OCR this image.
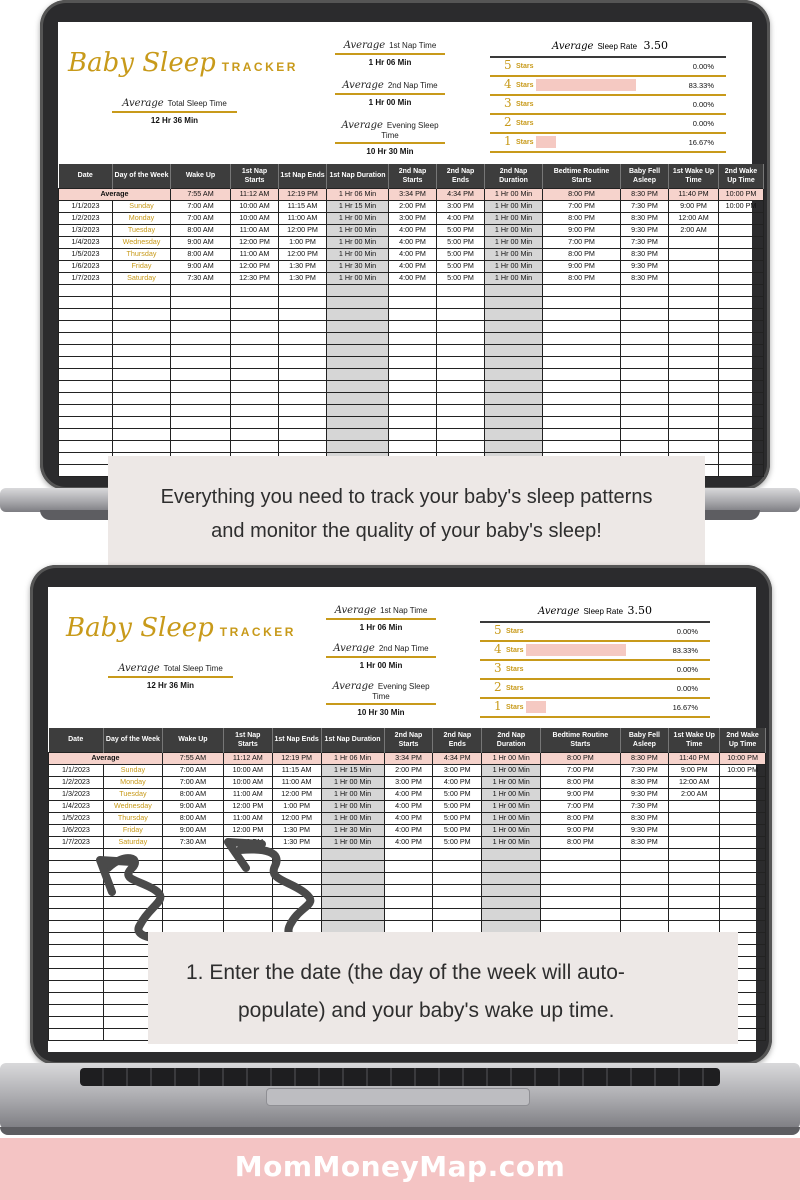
Baby Sleep TRACKER
Average Total Sleep Time
12 Hr 36 Min
Average 1st Nap Time
1 Hr 06 Min
Average 2nd Nap Time
1 Hr 00 Min
Average Evening Sleep Time
10 Hr 30 Min
Average Sleep Rate 3.50
5 Stars	0.00%
4 Stars	83.33%
3 Stars	0.00%
2 Stars	0.00%
1 Stars	16.67%
Date	Day of the Week	Wake Up	1st Nap Starts	1st Nap Ends	1st Nap Duration	2nd Nap Starts	2nd Nap Ends	2nd Nap Duration	Bedtime Routine Starts	Baby Fell Asleep	1st Wake Up Time	2nd Wake Up Time
Average		7:55 AM	11:12 AM	12:19 PM	1 Hr 06 Min	3:34 PM	4:34 PM	1 Hr 00 Min	8:00 PM	8:30 PM	11:40 PM	10:00 PM
1/1/2023	Sunday	7:00 AM	10:00 AM	11:15 AM	1 Hr 15 Min	2:00 PM	3:00 PM	1 Hr 00 Min	7:00 PM	7:30 PM	9:00 PM	10:00 PM
1/2/2023	Monday	7:00 AM	10:00 AM	11:00 AM	1 Hr 00 Min	3:00 PM	4:00 PM	1 Hr 00 Min	8:00 PM	8:30 PM	12:00 AM	
1/3/2023	Tuesday	8:00 AM	11:00 AM	12:00 PM	1 Hr 00 Min	4:00 PM	5:00 PM	1 Hr 00 Min	9:00 PM	9:30 PM	2:00 AM	
1/4/2023	Wednesday	9:00 AM	12:00 PM	1:00 PM	1 Hr 00 Min	4:00 PM	5:00 PM	1 Hr 00 Min	7:00 PM	7:30 PM		
1/5/2023	Thursday	8:00 AM	11:00 AM	12:00 PM	1 Hr 00 Min	4:00 PM	5:00 PM	1 Hr 00 Min	8:00 PM	8:30 PM		
1/6/2023	Friday	9:00 AM	12:00 PM	1:30 PM	1 Hr 30 Min	4:00 PM	5:00 PM	1 Hr 00 Min	9:00 PM	9:30 PM		
1/7/2023	Saturday	7:30 AM	12:30 PM	1:30 PM	1 Hr 00 Min	4:00 PM	5:00 PM	1 Hr 00 Min	8:00 PM	8:30 PM		

Everything you need to track your baby's sleep patterns and monitor the quality of your baby's sleep!
Baby Sleep TRACKER
Average Total Sleep Time
12 Hr 36 Min
Average 1st Nap Time
1 Hr 06 Min
Average 2nd Nap Time
1 Hr 00 Min
Average Evening Sleep Time
10 Hr 30 Min
Average Sleep Rate 3.50
5 Stars	0.00%
4 Stars	83.33%
3 Stars	0.00%
2 Stars	0.00%
1 Stars	16.67%
Date	Day of the Week	Wake Up	1st Nap Starts	1st Nap Ends	1st Nap Duration	2nd Nap Starts	2nd Nap Ends	2nd Nap Duration	Bedtime Routine Starts	Baby Fell Asleep	1st Wake Up Time	2nd Wake Up Time
Average		7:55 AM	11:12 AM	12:19 PM	1 Hr 06 Min	3:34 PM	4:34 PM	1 Hr 00 Min	8:00 PM	8:30 PM	11:40 PM	10:00 PM
1/1/2023	Sunday	7:00 AM	10:00 AM	11:15 AM	1 Hr 15 Min	2:00 PM	3:00 PM	1 Hr 00 Min	7:00 PM	7:30 PM	9:00 PM	10:00 PM
1/2/2023	Monday	7:00 AM	10:00 AM	11:00 AM	1 Hr 00 Min	3:00 PM	4:00 PM	1 Hr 00 Min	8:00 PM	8:30 PM	12:00 AM	
1/3/2023	Tuesday	8:00 AM	11:00 AM	12:00 PM	1 Hr 00 Min	4:00 PM	5:00 PM	1 Hr 00 Min	9:00 PM	9:30 PM	2:00 AM	
1/4/2023	Wednesday	9:00 AM	12:00 PM	1:00 PM	1 Hr 00 Min	4:00 PM	5:00 PM	1 Hr 00 Min	7:00 PM	7:30 PM		
1/5/2023	Thursday	8:00 AM	11:00 AM	12:00 PM	1 Hr 00 Min	4:00 PM	5:00 PM	1 Hr 00 Min	8:00 PM	8:30 PM		
1/6/2023	Friday	9:00 AM	12:00 PM	1:30 PM	1 Hr 30 Min	4:00 PM	5:00 PM	1 Hr 00 Min	9:00 PM	9:30 PM		
1/7/2023	Saturday	7:30 AM	12:30 PM	1:30 PM	1 Hr 00 Min	4:00 PM	5:00 PM	1 Hr 00 Min	8:00 PM	8:30 PM		

1. Enter the date (the day of the week will auto-
populate) and your baby's wake up time.
MomMoneyMap.com
